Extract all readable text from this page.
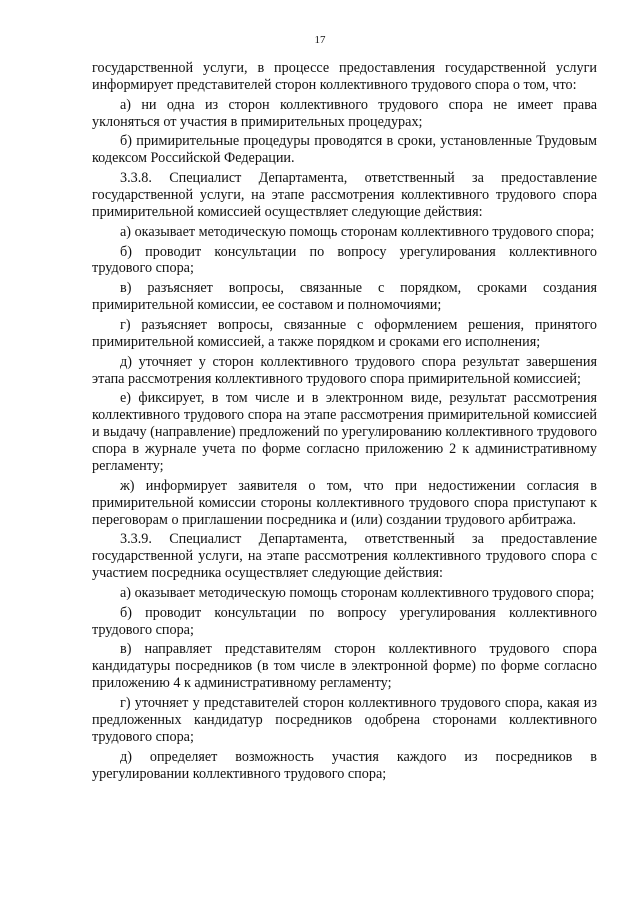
17

государственной услуги, в процессе предоставления государственной услуги информирует представителей сторон коллективного трудового спора о том, что:

а) ни одна из сторон коллективного трудового спора не имеет права уклоняться от участия в примирительных процедурах;

б) примирительные процедуры проводятся в сроки, установленные Трудовым кодексом Российской Федерации.

3.3.8. Специалист Департамента, ответственный за предоставление государственной услуги, на этапе рассмотрения коллективного трудового спора примирительной комиссией осуществляет следующие действия:

а) оказывает методическую помощь сторонам коллективного трудового спора;

б) проводит консультации по вопросу урегулирования коллективного трудового спора;

в) разъясняет вопросы, связанные с порядком, сроками создания примирительной комиссии, ее составом и полномочиями;

г) разъясняет вопросы, связанные с оформлением решения, принятого примирительной комиссией, а также порядком и сроками его исполнения;

д) уточняет у сторон коллективного трудового спора результат завершения этапа рассмотрения коллективного трудового спора примирительной комиссией;

е) фиксирует, в том числе и в электронном виде, результат рассмотрения коллективного трудового спора на этапе рассмотрения примирительной комиссией и выдачу (направление) предложений по урегулированию коллективного трудового спора в журнале учета по форме согласно приложению 2 к административному регламенту;

ж) информирует заявителя о том, что при недостижении согласия в примирительной комиссии стороны коллективного трудового спора приступают к переговорам о приглашении посредника и (или) создании трудового арбитража.

3.3.9. Специалист Департамента, ответственный за предоставление государственной услуги, на этапе рассмотрения коллективного трудового спора с участием посредника осуществляет следующие действия:

а) оказывает методическую помощь сторонам коллективного трудового спора;

б) проводит консультации по вопросу урегулирования коллективного трудового спора;

в) направляет представителям сторон коллективного трудового спора кандидатуры посредников (в том числе в электронной форме) по форме согласно приложению 4 к административному регламенту;

г) уточняет у представителей сторон коллективного трудового спора, какая из предложенных кандидатур посредников одобрена сторонами коллективного трудового спора;

д) определяет возможность участия каждого из посредников в урегулировании коллективного трудового спора;
